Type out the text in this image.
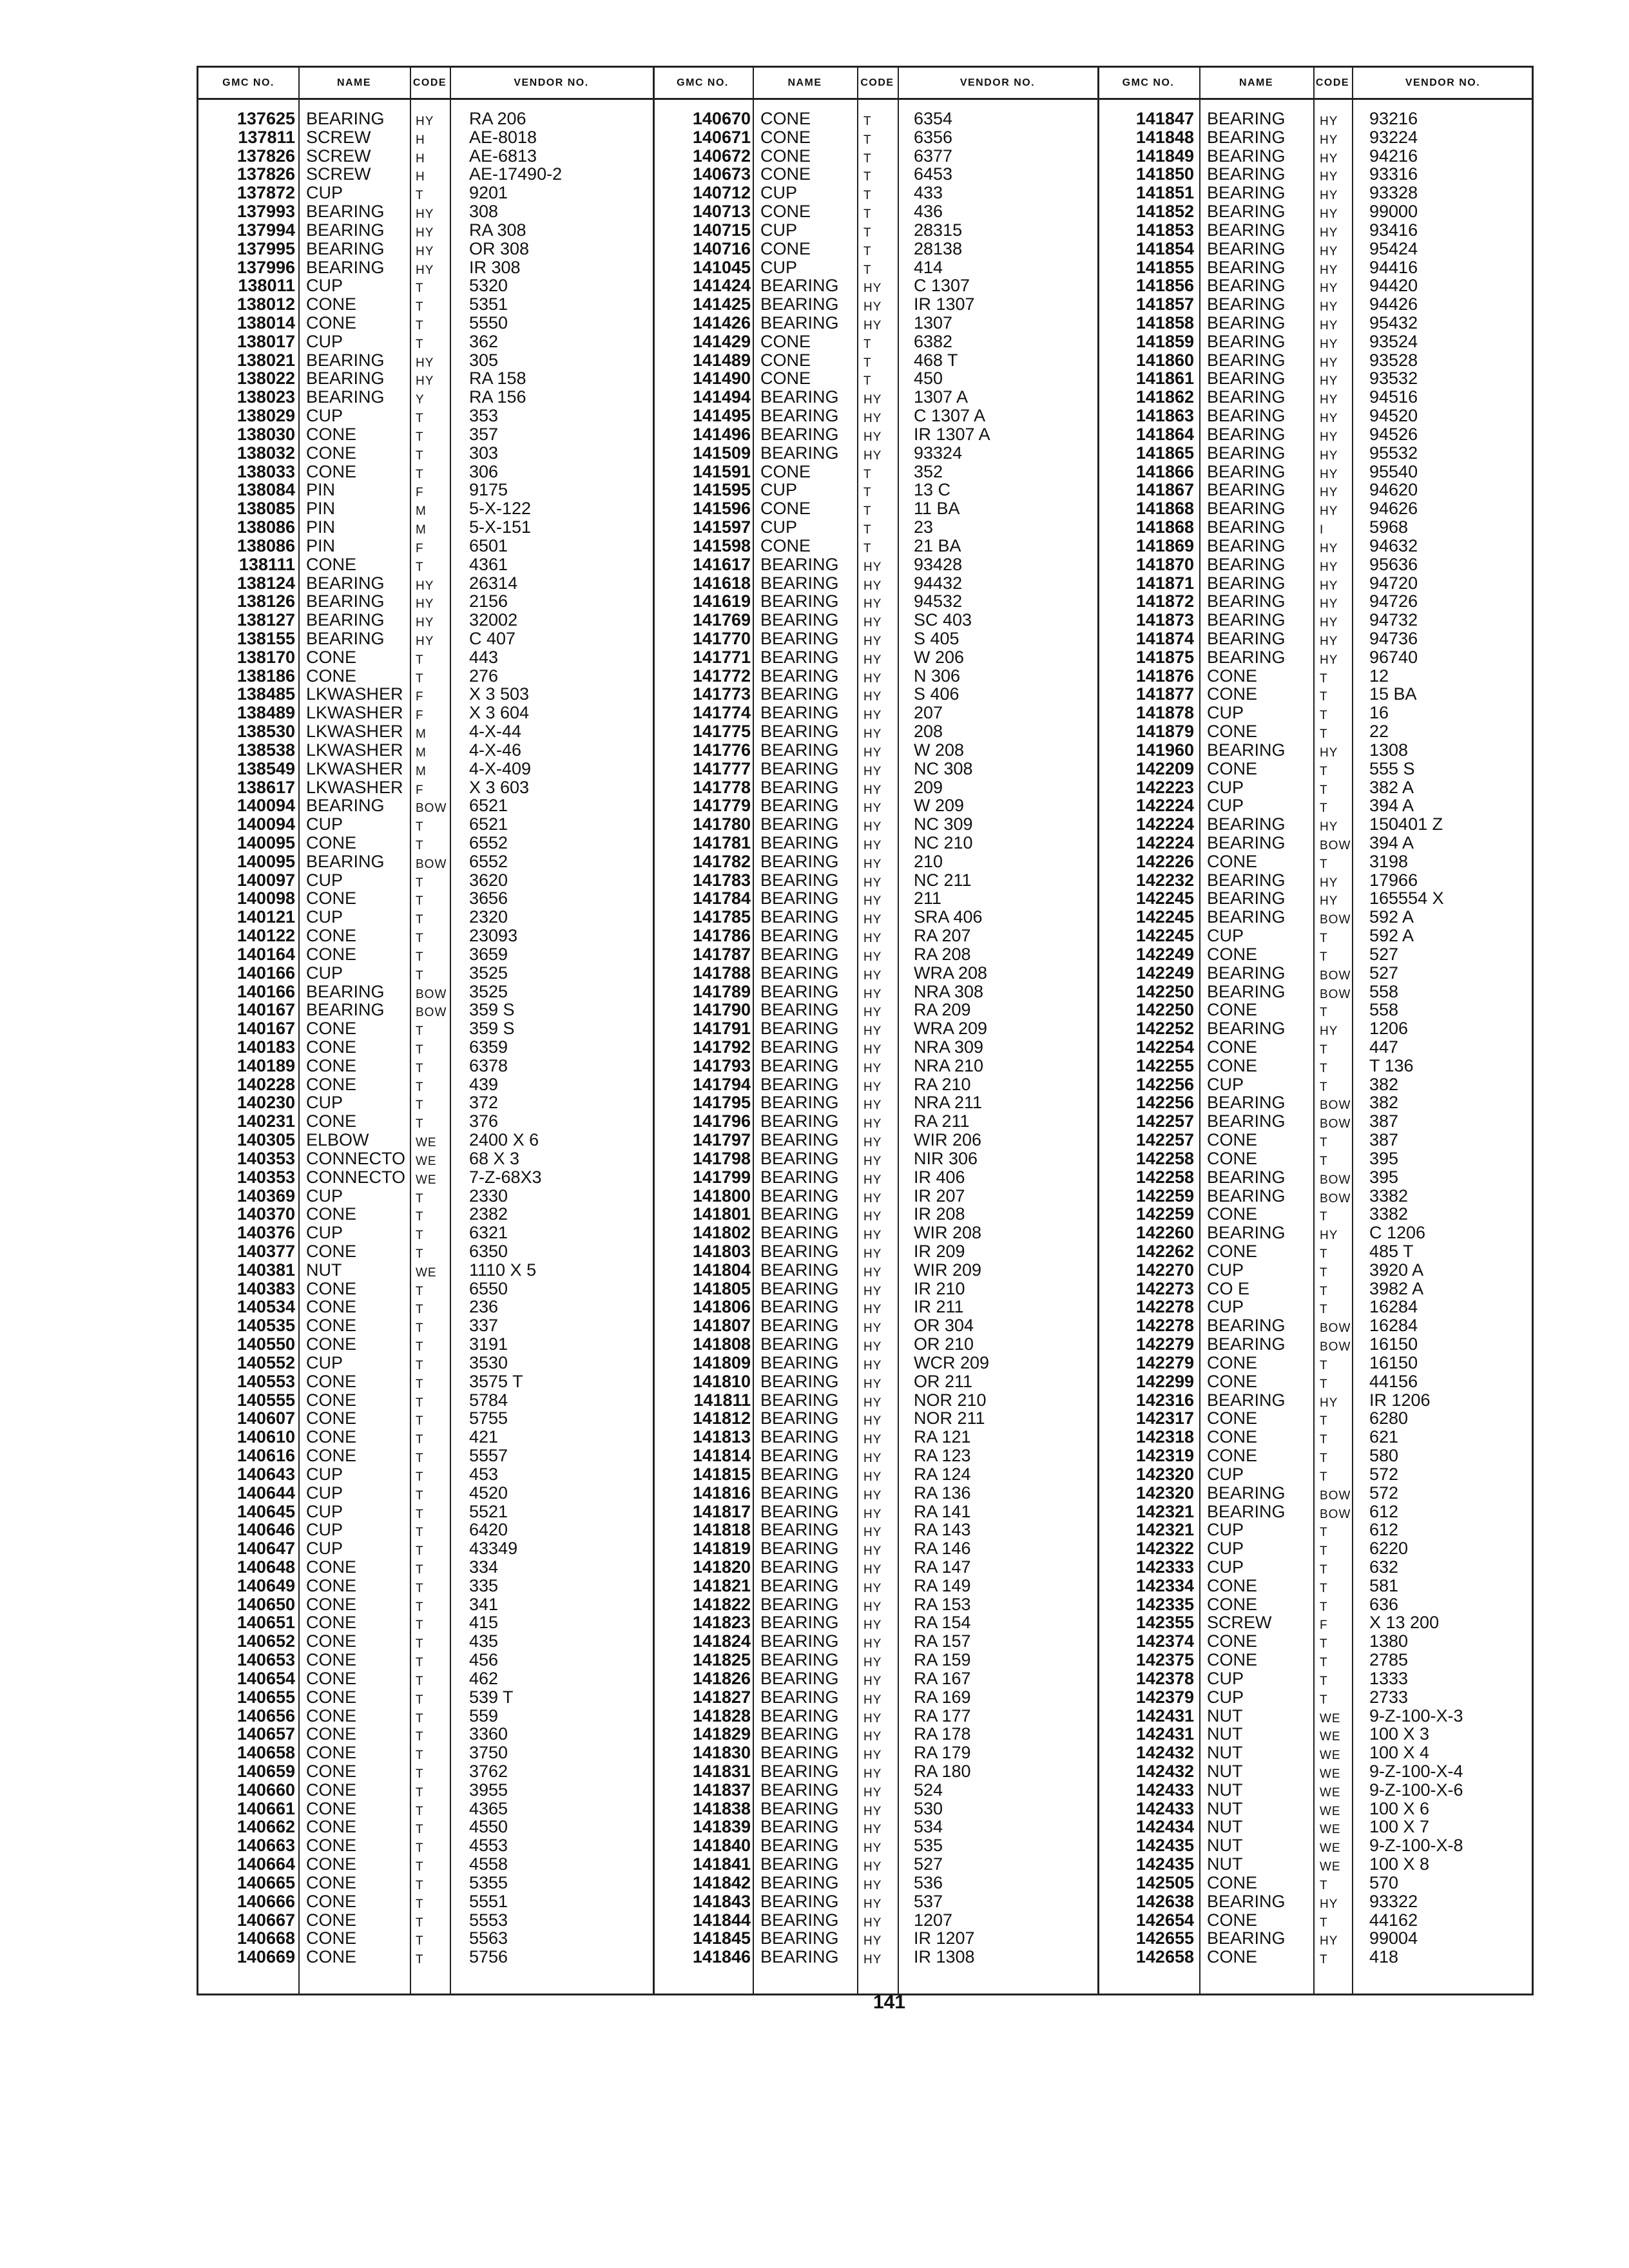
GMC NO.	NAME	CODE	VENDOR NO.	GMC NO.	NAME	CODE	VENDOR NO.	GMC NO.	NAME	CODE	VENDOR NO.
137625 BEARING	HY RA 206
137811 SCREW	H	AE-8018
137826 SCREW	H	AE-6813
137826 SCREW	H	AE-17490-2
137872 CUP	T	9201
137993 BEARING	HY 308
137994 BEARING	HY RA 308
137995 BEARING	HY OR 308
137996 BEARING	HY IR 308
138011 CUP	T	5320
138012 CONE	T	5351
138014 CONE	T	5550
138017 CUP	T	362
138021 BEARING	HY 305
138022 BEARING	HY RA 158
138023 BEARING	Y	RA 156
138029 CUP	T	353
138030 CONE	T	357
138032 CONE	T	303
138033 CONE	T	306
138084 PIN	F	9175
138085 PIN	M 5-X-122
138086 PIN	M 5-X-151
138086 PIN	F	6501
138111 CONE	T	4361
138124 BEARING	HY 26314
138126 BEARING	HY 2156
138127 BEARING	HY 32002
138155 BEARING	HY C 407
138170 CONE	T	443
138186 CONE	T	276
138485 LKWASHER F	X 3 503
138489 LKWASHER F	X 3 604
138530 LKWASHER M 4-X-44
138538 LKWASHER M 4-X-46
138549 LKWASHER M 4-X-409
138617 LKWASHER F	X 3 603
140094 BEARING	BOW 6521
140094 CUP	T	6521
140095 CONE	T	6552
140095 BEARING	BOW 6552
140097 CUP	T	3620
140098 CONE	T	3656
140121 CUP	T	2320
140122 CONE	T	23093
140164 CONE	T	3659
140166 CUP	T	3525
140166 BEARING	BOW 3525
140167 BEARING	BOW 359 S
140167 CONE	T	359 S
140183 CONE	T	6359
140189 CONE	T	6378
140228 CONE	T	439
140230 CUP	T	372
140231 CONE	T	376
140305 ELBOW	WE 2400 X 6
140353 CONNECTO WE 68 X 3
140353 CONNECTO WE 7-Z-68X3
140369 CUP	T	2330
140370 CONE	T	2382
140376 CUP	T	6321
140377 CONE	T	6350
140381 NUT	WE 1110 X 5
140383 CONE	T	6550
140534 CONE	T	236
140535 CONE	T	337
140550 CONE	T	3191
140552 CUP	T	3530
140553 CONE	T	3575 T
140555 CONE	T	5784
140607 CONE	T	5755
140610 CONE	T	421
140616 CONE	T	5557
140643 CUP	T	453
140644 CUP	T	4520
140645 CUP	T	5521
140646 CUP	T	6420
140647 CUP	T	43349
140648 CONE	T	334
140649 CONE	T	335
140650 CONE	T	341
140651 CONE	T	415
140652 CONE	T	435
140653 CONE	T	456
140654 CONE	T	462
140655 CONE	T	539 T
140656 CONE	T	559
140657 CONE	T	3360
140658 CONE	T	3750
140659 CONE	T	3762
140660 CONE	T	3955
140661 CONE	T	4365
140662 CONE	T	4550
140663 CONE	T	4553
140664 CONE	T	4558
140665 CONE	T	5355
140666 CONE	T	5551
140667 CONE	T	5553
140668 CONE	T	5563
140669 CONE	T	5756
140670 CONE	T 6354
140671 CONE	T 6356
140672 CONE	T 6377
140673 CONE	T 6453
140712 CUP	T 433
140713 CONE	T 436
140715 CUP	T 28315
140716 CONE	T 28138
141045 CUP	T 414
141424 BEARING HY C 1307
141425 BEARING HY IR 1307
141426 BEARING HY 1307
141429 CONE	T 6382
141489 CONE	T 468 T
141490 CONE	T 450
141494 BEARING HY 1307 A
141495 BEARING HY C 1307 A
141496 BEARING HY IR 1307 A
141509 BEARING HY 93324
141591 CONE	T 352
141595 CUP	T 13 C
141596 CONE	T 11 BA
141597 CUP	T 23
141598 CONE	T 21 BA
141617 BEARING HY 93428
141618 BEARING HY 94432
141619 BEARING HY 94532
141769 BEARING HY SC 403
141770 BEARING HY S 405
141771 BEARING HY W 206
141772 BEARING HY N 306
141773 BEARING HY S 406
141774 BEARING HY 207
141775 BEARING HY 208
141776 BEARING HY W 208
141777 BEARING HY NC 308
141778 BEARING HY 209
141779 BEARING HY W 209
141780 BEARING HY NC 309
141781 BEARING HY NC 210
141782 BEARING HY 210
141783 BEARING HY NC 211
141784 BEARING HY 211
141785 BEARING HY SRA 406
141786 BEARING HY RA 207
141787 BEARING HY RA 208
141788 BEARING HY WRA 208
141789 BEARING HY NRA 308
141790 BEARING HY RA 209
141791 BEARING HY WRA 209
141792 BEARING HY NRA 309
141793 BEARING HY NRA 210
141794 BEARING HY RA 210
141795 BEARING HY NRA 211
141796 BEARING HY RA 211
141797 BEARING HY WIR 206
141798 BEARING HY NIR 306
141799 BEARING HY IR 406
141800 BEARING HY IR 207
141801 BEARING HY IR 208
141802 BEARING HY WIR 208
141803 BEARING HY IR 209
141804 BEARING HY WIR 209
141805 BEARING HY IR 210
141806 BEARING HY IR 211
141807 BEARING HY OR 304
141808 BEARING HY OR 210
141809 BEARING HY WCR 209
141810 BEARING HY OR 211
141811 BEARING HY NOR 210
141812 BEARING HY NOR 211
141813 BEARING HY RA 121
141814 BEARING HY RA 123
141815 BEARING HY RA 124
141816 BEARING HY RA 136
141817 BEARING HY RA 141
141818 BEARING HY RA 143
141819 BEARING HY RA 146
141820 BEARING HY RA 147
141821 BEARING HY RA 149
141822 BEARING HY RA 153
141823 BEARING HY RA 154
141824 BEARING HY RA 157
141825 BEARING HY RA 159
141826 BEARING HY RA 167
141827 BEARING HY RA 169
141828 BEARING HY RA 177
141829 BEARING HY RA 178
141830 BEARING HY RA 179
141831 BEARING HY RA 180
141837 BEARING HY 524
141838 BEARING HY 530
141839 BEARING HY 534
141840 BEARING HY 535
141841 BEARING HY 527
141842 BEARING HY 536
141843 BEARING HY 537
141844 BEARING HY 1207
141845 BEARING HY IR 1207
141846 BEARING HY IR 1308
141847 BEARING	HY 93216
141848 BEARING	HY 93224
141849 BEARING	HY 94216
141850 BEARING	HY 93316
141851 BEARING	HY 93328
141852 BEARING	HY 99000
141853 BEARING	HY 93416
141854 BEARING	HY 95424
141855 BEARING	HY 94416
141856 BEARING	HY 94420
141857 BEARING	HY 94426
141858 BEARING	HY 95432
141859 BEARING	HY 93524
141860 BEARING	HY 93528
141861 BEARING	HY 93532
141862 BEARING	HY 94516
141863 BEARING	HY 94520
141864 BEARING	HY 94526
141865 BEARING	HY 95532
141866 BEARING	HY 95540
141867 BEARING	HY 94620
141868 BEARING	HY 94626
141868 BEARING	I	5968
141869 BEARING	HY 94632
141870 BEARING	HY 95636
141871 BEARING	HY 94720
141872 BEARING	HY 94726
141873 BEARING	HY 94732
141874 BEARING	HY 94736
141875 BEARING	HY 96740
141876 CONE	T 12
141877 CONE	T 15 BA
141878 CUP	T 16
141879 CONE	T 22
141960 BEARING	HY 1308
142209 CONE	T 555 S
142223 CUP	T 382 A
142224 CUP	T 394 A
142224 BEARING	HY 150401 Z
142224 BEARING	BOW 394 A
142226 CONE	T 3198
142232 BEARING	HY 17966
142245 BEARING	HY 165554 X
142245 BEARING	BOW 592 A
142245 CUP	T 592 A
142249 CONE	T 527
142249 BEARING	BOW 527
142250 BEARING	BOW 558
142250 CONE	T 558
142252 BEARING	HY 1206
142254 CONE	T 447
142255 CONE	T T 136
142256 CUP	T 382
142256 BEARING	BOW 382
142257 BEARING	BOW 387
142257 CONE	T 387
142258 CONE	T 395
142258 BEARING	BOW 395
142259 BEARING	BOW 3382
142259 CONE	T 3382
142260 BEARING	HY C 1206
142262 CONE	T 485 T
142270 CUP	T 3920 A
142273 CO E	T 3982 A
142278 CUP	T 16284
142278 BEARING	BOW 16284
142279 BEARING	BOW 16150
142279 CONE	T 16150
142299 CONE	T 44156
142316 BEARING	HY IR 1206
142317 CONE	T 6280
142318 CONE	T 621
142319 CONE	T 580
142320 CUP	T 572
142320 BEARING	BOW 572
142321 BEARING	BOW 612
142321 CUP	T 612
142322 CUP	T 6220
142333 CUP	T 632
142334 CONE	T 581
142335 CONE	T 636
142355 SCREW	F X 13 200
142374 CONE	T 1380
142375 CONE	T 2785
142378 CUP	T 1333
142379 CUP	T 2733
142431 NUT	WE 9-Z-100-X-3
142431 NUT	WE 100 X 3
142432 NUT	WE 100 X 4
142432 NUT	WE 9-Z-100-X-4
142433 NUT	WE 9-Z-100-X-6
142433 NUT	WE 100 X 6
142434 NUT	WE 100 X 7
142435 NUT	WE 9-Z-100-X-8
142435 NUT	WE 100 X 8
142505 CONE	T 570
142638 BEARING	HY 93322
142654 CONE	T 44162
142655 BEARING	HY 99004
142658 CONE	T 418
141
